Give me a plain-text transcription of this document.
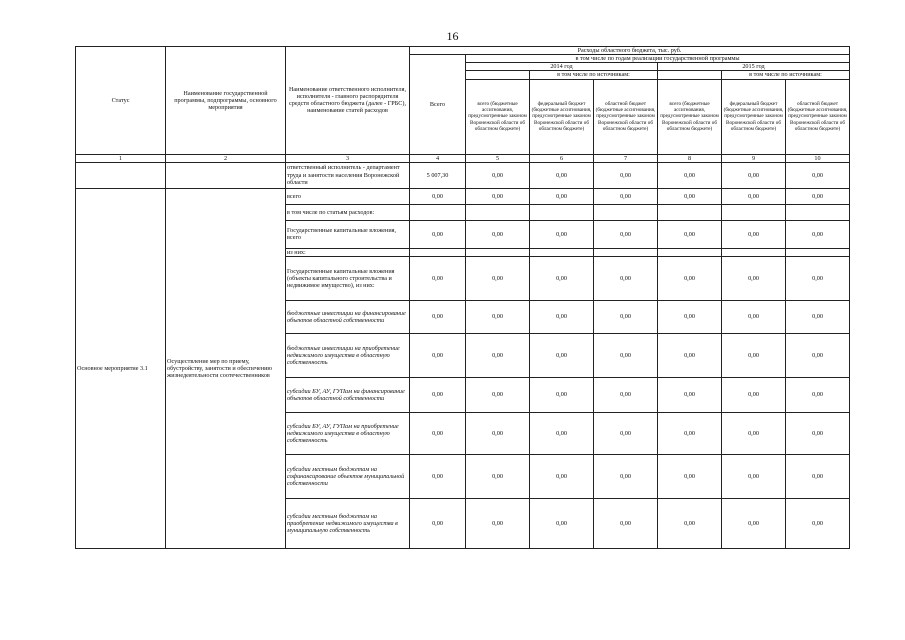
16
Статус	Наименование государственной программы, подпрограммы, основного мероприятия	Наименование ответственного исполнителя, исполнителя - главного распорядителя средств областного бюджета (далее - ГРБС), наименование статей расходов	Расходы областного бюджета, тыс. руб.						
			Всего	в том числе по годам реализации государственной программы					
				2014 год			2015 год		
					в том числе по источникам:			в том числе по источникам:	
				всего (бюджетные ассигнования, предусмотренные законом Воронежской области об областном бюджете)	федеральный бюджет (бюджетные ассигнования, предусмотренные законом Воронежской области об областном бюджете)	областной бюджет (бюджетные ассигнования, предусмотренные законом Воронежской области об областном бюджете)	всего (бюджетные ассигнования, предусмотренные законом Воронежской области об областном бюджете)	федеральный бюджет (бюджетные ассигнования, предусмотренные законом Воронежской области об областном бюджете)	областной бюджет (бюджетные ассигнования, предусмотренные законом Воронежской области об областном бюджете)
1	2	3	4	5	6	7	8	9	10
		ответственный исполнитель - департамент труда и занятости населения Воронежской области	5 007,30	0,00	0,00	0,00	0,00	0,00	0,00
Основное мероприятие 3.1	Осуществление мер по приему, обустройству, занятости и обеспечению жизнедеятельности соотечественников	всего	0,00	0,00	0,00	0,00	0,00	0,00	0,00
		в том числе по статьям расходов:							
		Государственные капитальные вложения, всего	0,00	0,00	0,00	0,00	0,00	0,00	0,00
		из них:							
		Государственные капитальные вложения (объекты капитального строительства и недвижимое имущество), из них:	0,00	0,00	0,00	0,00	0,00	0,00	0,00
		бюджетные инвестиции на финансирование объектов областной собственности	0,00	0,00	0,00	0,00	0,00	0,00	0,00
		бюджетные инвестиции на приобретение недвижимого имущества в областную собственность	0,00	0,00	0,00	0,00	0,00	0,00	0,00
		субсидии БУ, АУ, ГУПам на финансирование объектов областной собственности	0,00	0,00	0,00	0,00	0,00	0,00	0,00
		субсидии БУ, АУ, ГУПам на приобретение недвижимого имущества в областную собственность	0,00	0,00	0,00	0,00	0,00	0,00	0,00
		субсидии местным бюджетам на софинансирование объектов муниципальной собственности	0,00	0,00	0,00	0,00	0,00	0,00	0,00
		субсидии местным бюджетам на приобретение недвижимого имущества в муниципальную собственность	0,00	0,00	0,00	0,00	0,00	0,00	0,00
